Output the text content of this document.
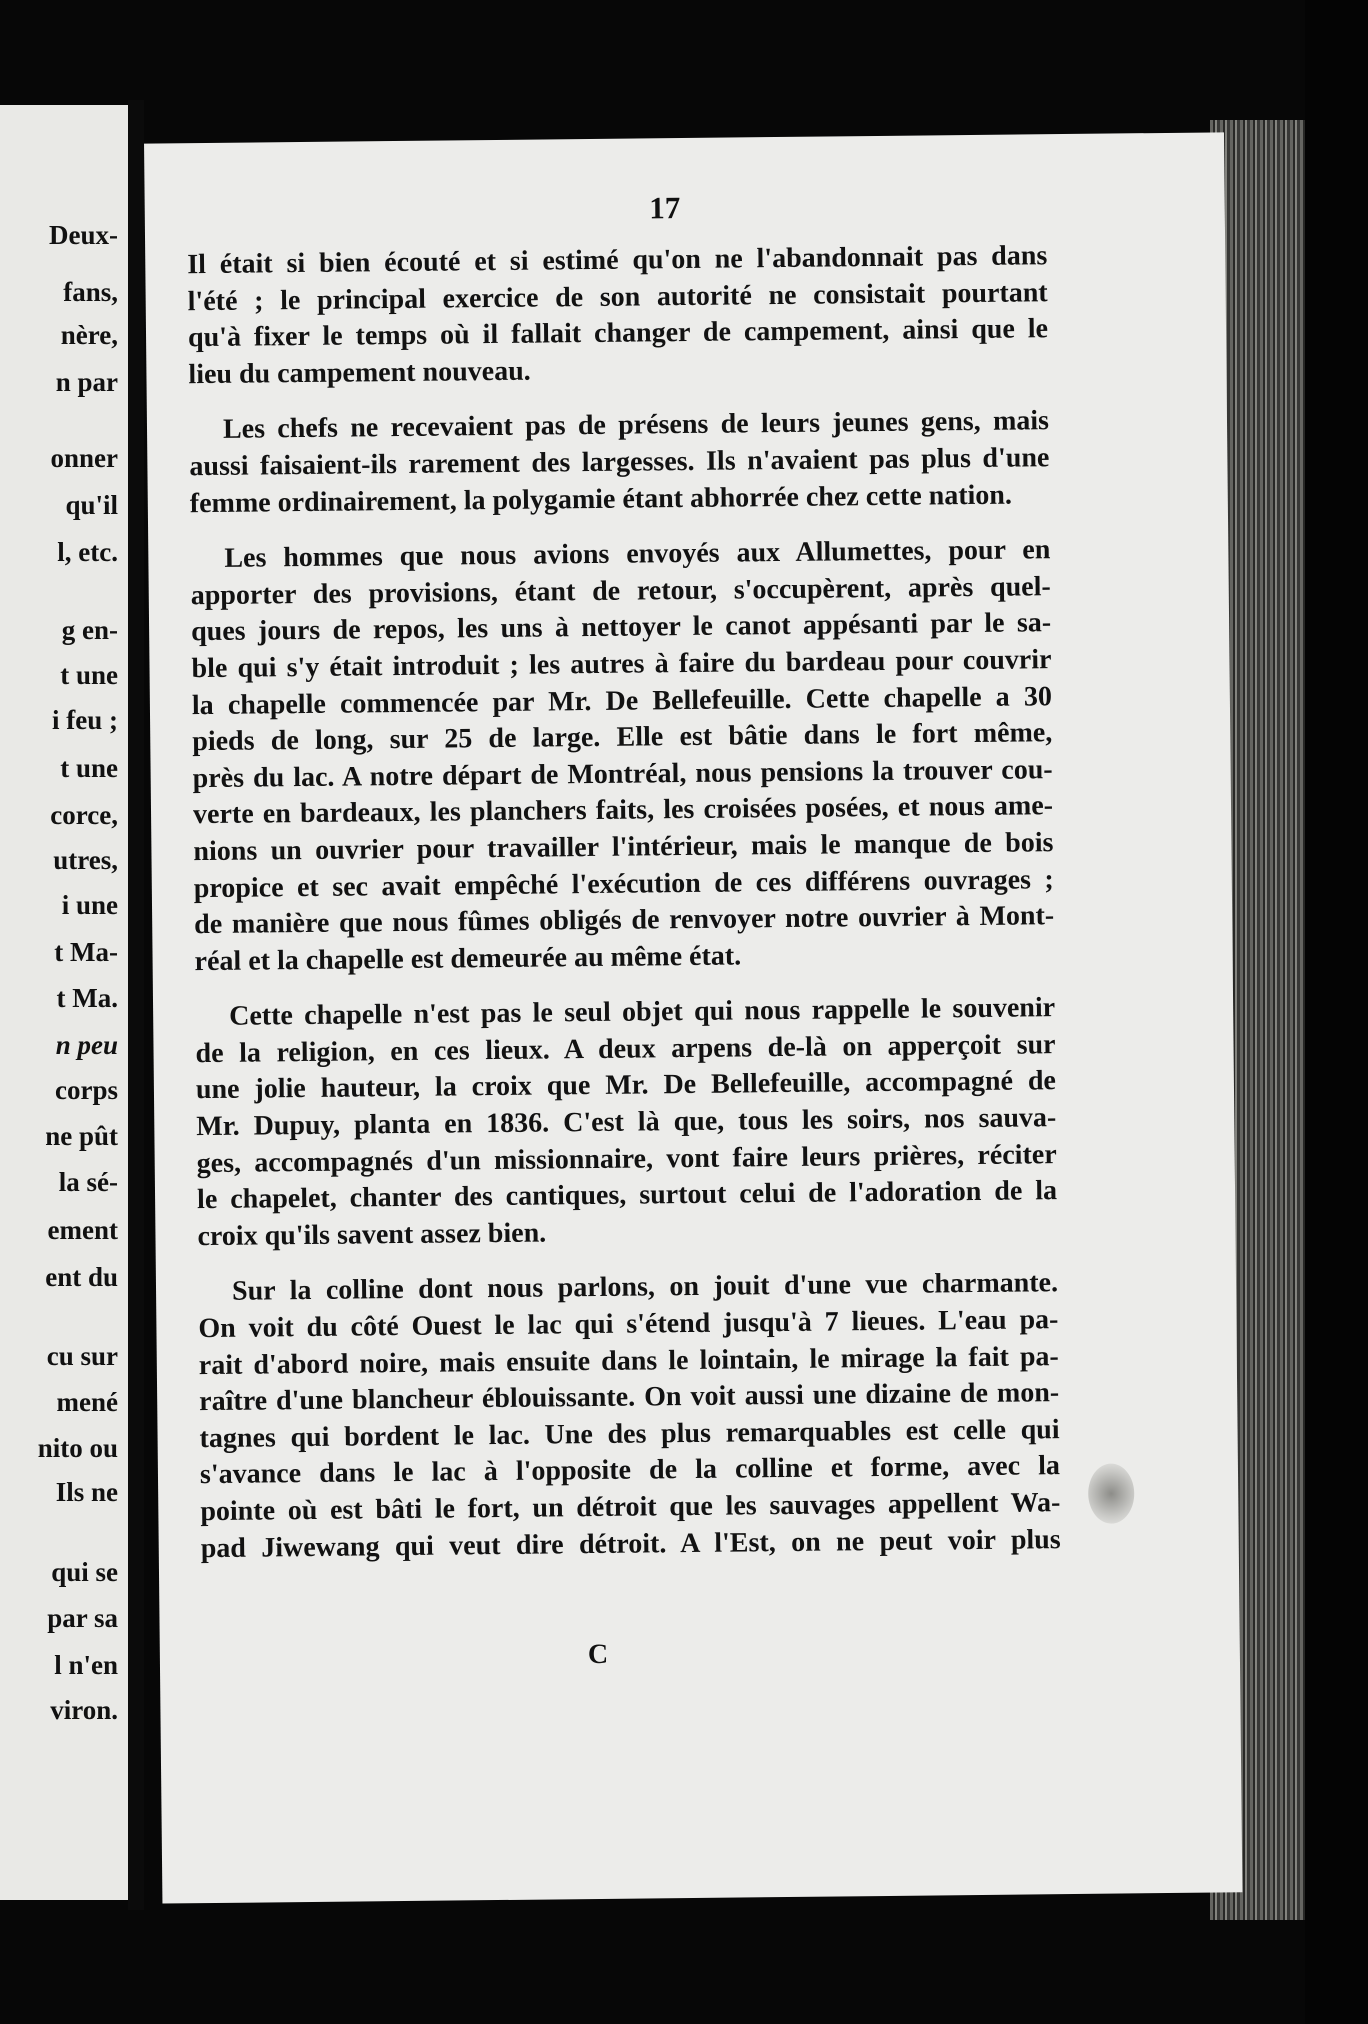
Deux-
fans,
nère,
n par
onner
qu'il
l, etc.
g en-
t une
i feu ;
t une
corce,
utres,
i une
t Ma-
t Ma.
n peu
corps
ne pût
la sé-
ement
ent du
cu sur
mené
nito ou
Ils ne
qui se
par sa
l n'en
viron.
17
Il était si bien écouté et si estimé qu'on ne l'abandonnait pas dans
l'été ; le principal exercice de son autorité ne consistait pourtant
qu'à fixer le temps où il fallait changer de campement, ainsi que le
lieu du campement nouveau.
Les chefs ne recevaient pas de présens de leurs jeunes gens, mais
aussi faisaient-ils rarement des largesses. Ils n'avaient pas plus d'une
femme ordinairement, la polygamie étant abhorrée chez cette nation.
Les hommes que nous avions envoyés aux Allumettes, pour en
apporter des provisions, étant de retour, s'occupèrent, après quel-
ques jours de repos, les uns à nettoyer le canot appésanti par le sa-
ble qui s'y était introduit ; les autres à faire du bardeau pour couvrir
la chapelle commencée par Mr. De Bellefeuille. Cette chapelle a 30
pieds de long, sur 25 de large. Elle est bâtie dans le fort même,
près du lac. A notre départ de Montréal, nous pensions la trouver cou-
verte en bardeaux, les planchers faits, les croisées posées, et nous ame-
nions un ouvrier pour travailler l'intérieur, mais le manque de bois
propice et sec avait empêché l'exécution de ces différens ouvrages ;
de manière que nous fûmes obligés de renvoyer notre ouvrier à Mont-
réal et la chapelle est demeurée au même état.
Cette chapelle n'est pas le seul objet qui nous rappelle le souvenir
de la religion, en ces lieux. A deux arpens de-là on apperçoit sur
une jolie hauteur, la croix que Mr. De Bellefeuille, accompagné de
Mr. Dupuy, planta en 1836. C'est là que, tous les soirs, nos sauva-
ges, accompagnés d'un missionnaire, vont faire leurs prières, réciter
le chapelet, chanter des cantiques, surtout celui de l'adoration de la
croix qu'ils savent assez bien.
Sur la colline dont nous parlons, on jouit d'une vue charmante.
On voit du côté Ouest le lac qui s'étend jusqu'à 7 lieues. L'eau pa-
rait d'abord noire, mais ensuite dans le lointain, le mirage la fait pa-
raître d'une blancheur éblouissante. On voit aussi une dizaine de mon-
tagnes qui bordent le lac. Une des plus remarquables est celle qui
s'avance dans le lac à l'opposite de la colline et forme, avec la
pointe où est bâti le fort, un détroit que les sauvages appellent Wa-
pad Jiwewang qui veut dire détroit. A l'Est, on ne peut voir plus
C
